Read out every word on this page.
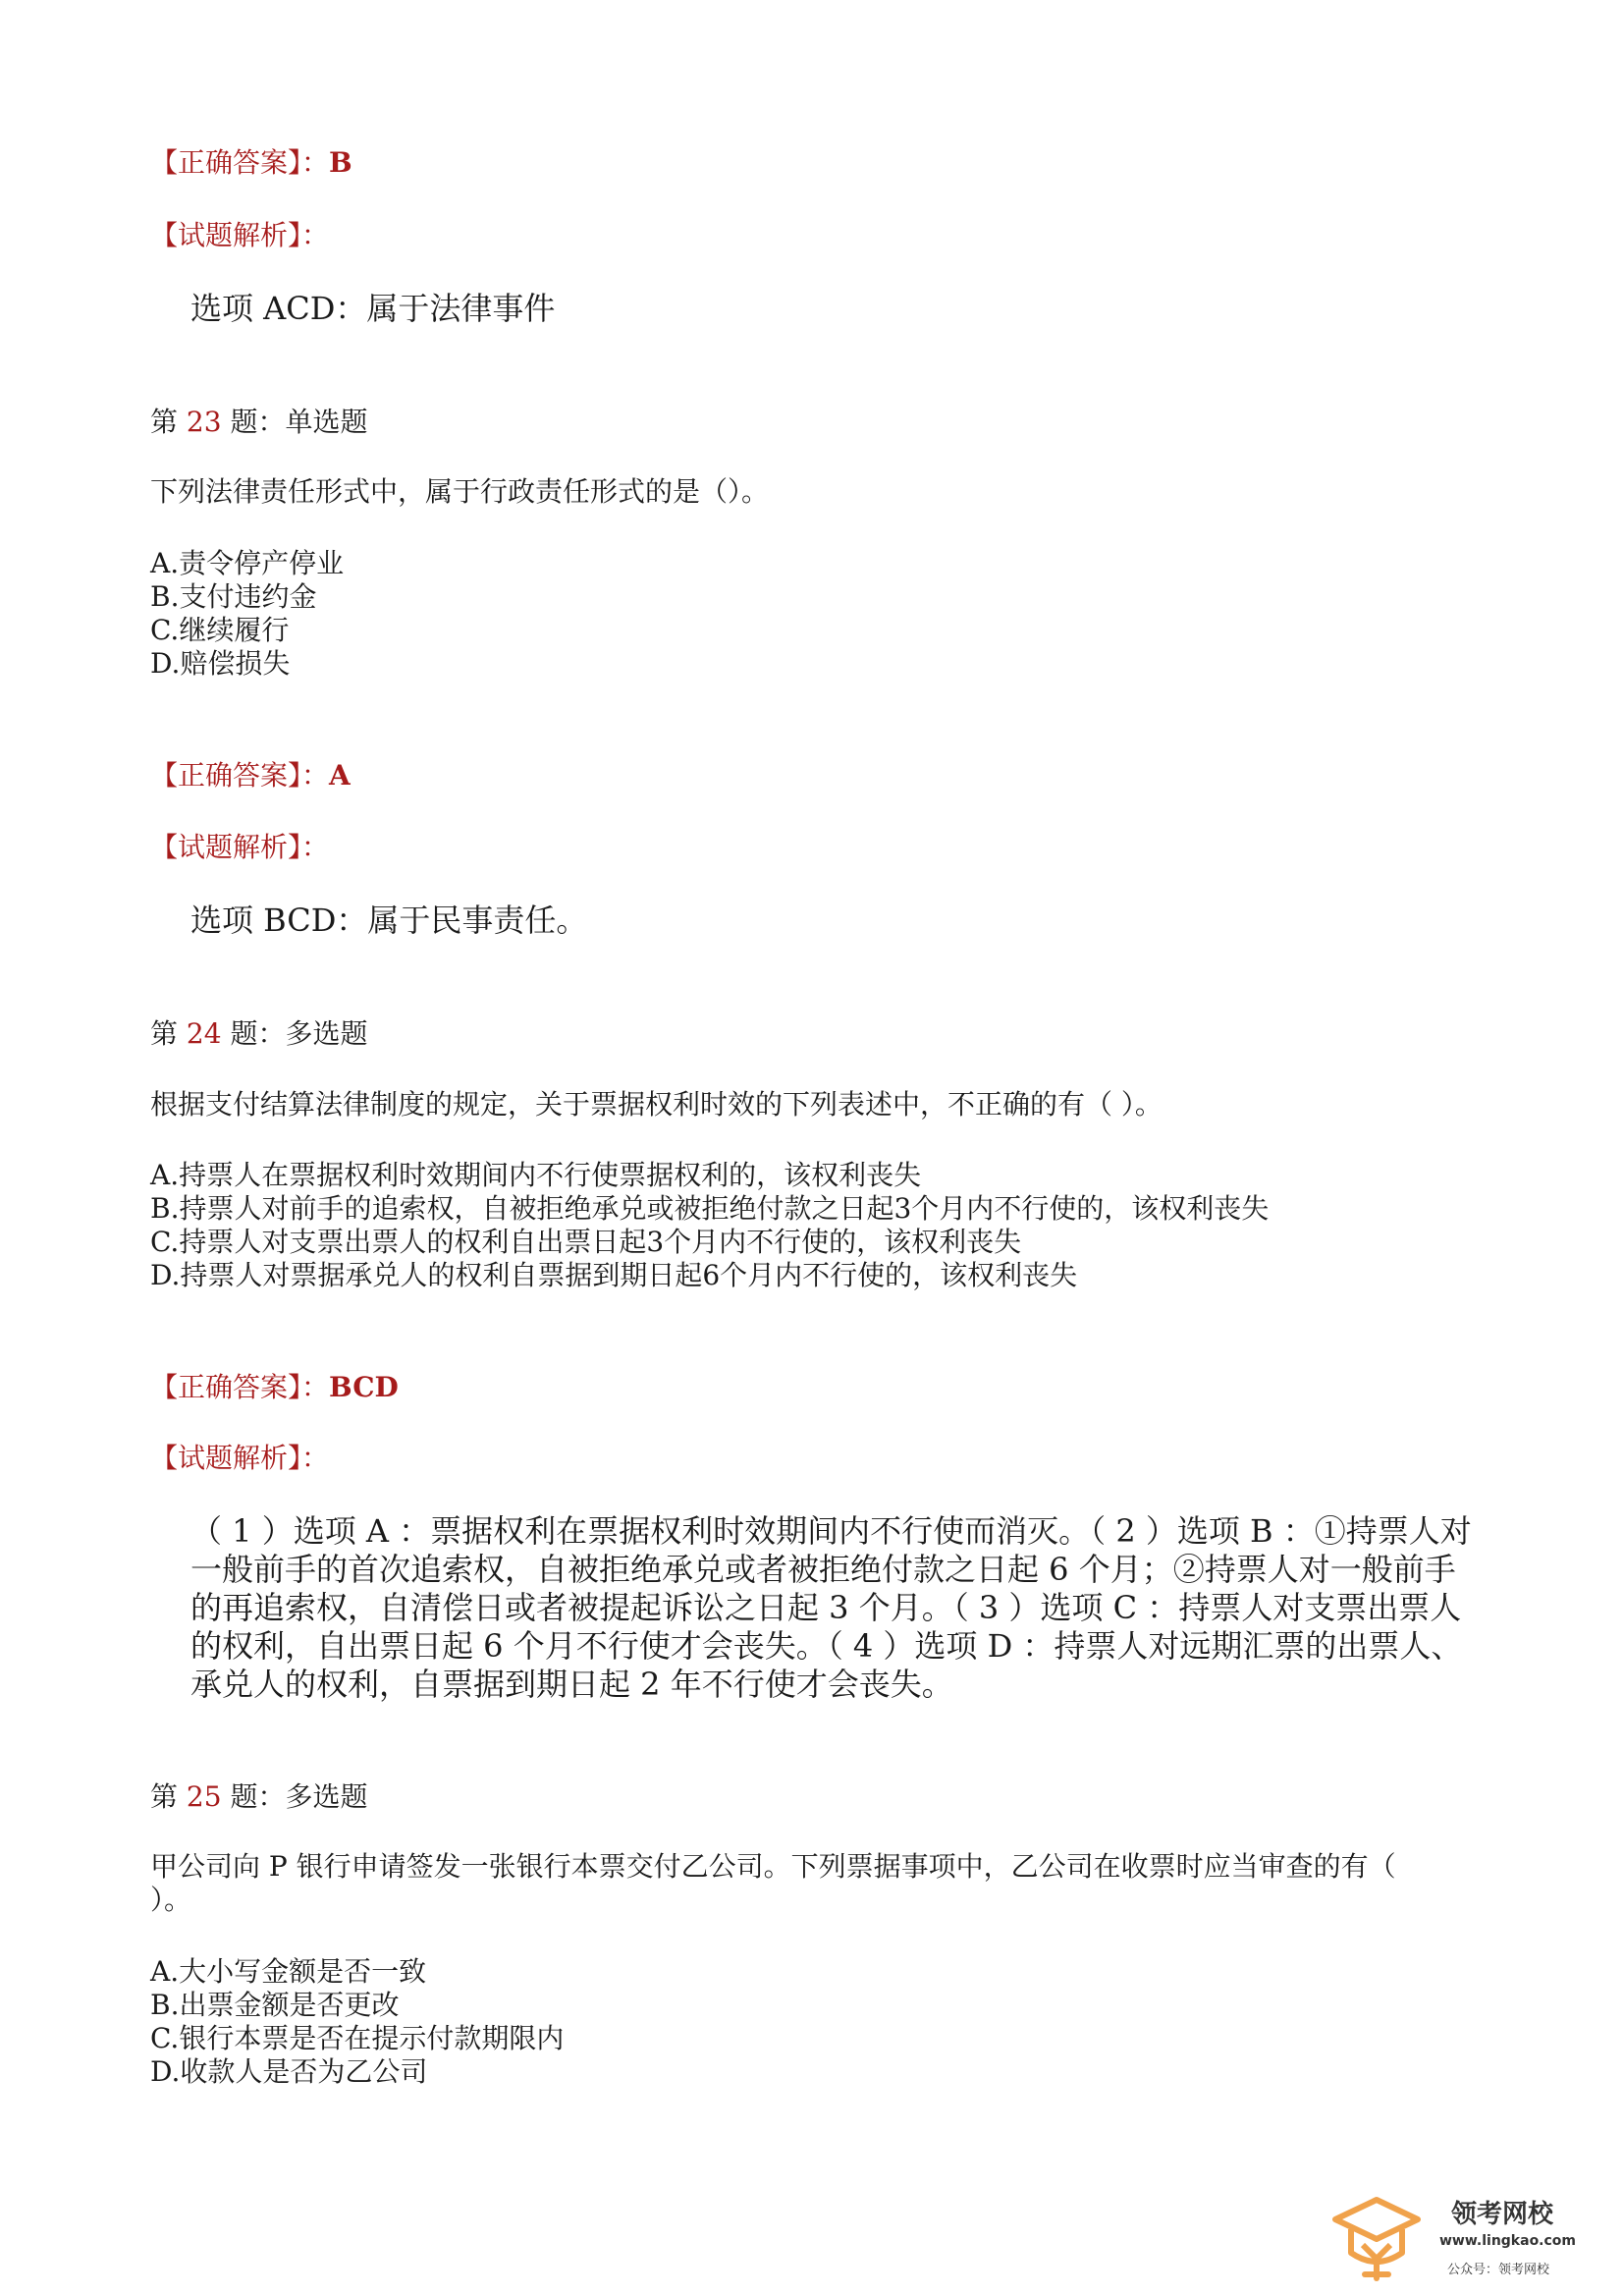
【正确答案】：B
【试题解析】：
选项 ACD：属于法律事件
第 23 题：单选题
下列法律责任形式中，属于行政责任形式的是（）。
A.责令停产停业
B.支付违约金
C.继续履行
D.赔偿损失
【正确答案】：A
【试题解析】：
选项 BCD：属于民事责任。
第 24 题：多选题
根据支付结算法律制度的规定，关于票据权利时效的下列表述中，不正确的有（ ）。
A.持票人在票据权利时效期间内不行使票据权利的，该权利丧失
B.持票人对前手的追索权，自被拒绝承兑或被拒绝付款之日起3个月内不行使的，该权利丧失
C.持票人对支票出票人的权利自出票日起3个月内不行使的，该权利丧失
D.持票人对票据承兑人的权利自票据到期日起6个月内不行使的，该权利丧失
【正确答案】：BCD
【试题解析】：
（ 1 ）选项 A ：票据权利在票据权利时效期间内不行使而消灭。（ 2 ）选项 B ：①持票人对一般前手的首次追索权，自被拒绝承兑或者被拒绝付款之日起 6 个月；②持票人对一般前手的再追索权，自清偿日或者被提起诉讼之日起 3 个月。（ 3 ）选项 C ：持票人对支票出票人的权利，自出票日起 6 个月不行使才会丧失。（ 4 ）选项 D ：持票人对远期汇票的出票人、承兑人的权利，自票据到期日起 2 年不行使才会丧失。
第 25 题：多选题
甲公司向 P 银行申请签发一张银行本票交付乙公司。下列票据事项中，乙公司在收票时应当审查的有（ ）。
A.大小写金额是否一致
B.出票金额是否更改
C.银行本票是否在提示付款期限内
D.收款人是否为乙公司
领考网校
www.lingkao.com
公众号：领考网校
